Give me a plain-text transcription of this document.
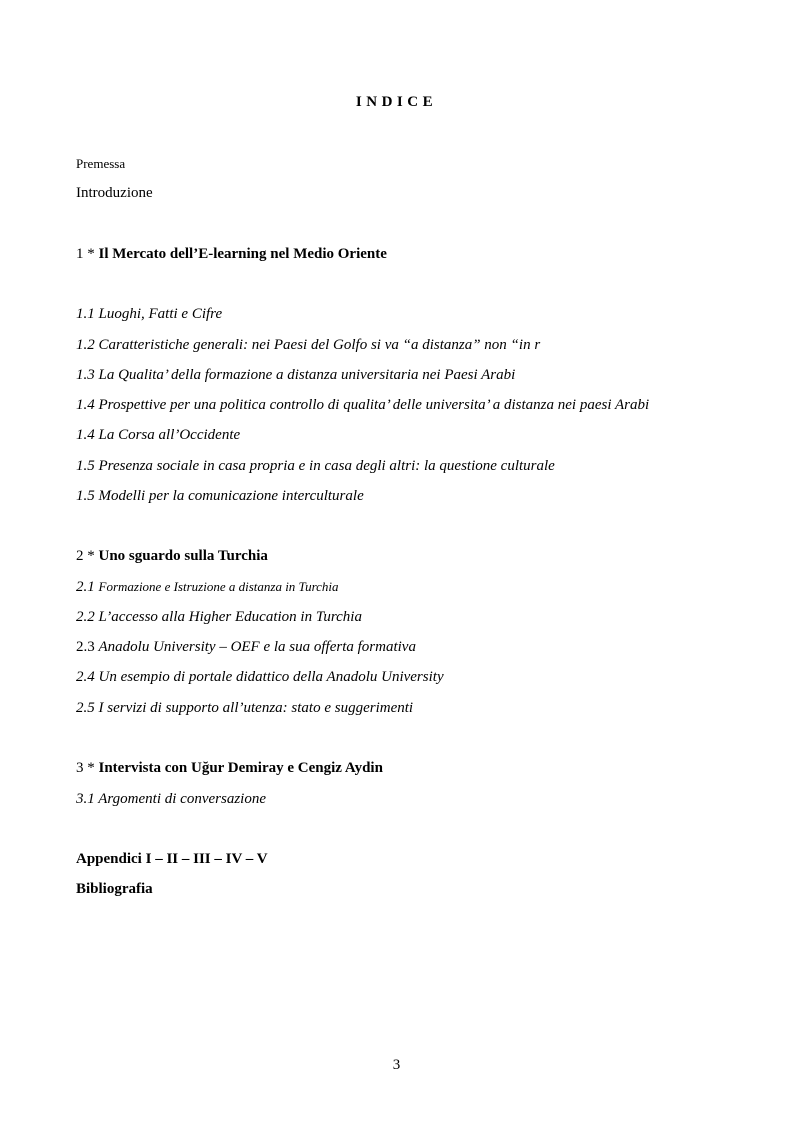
INDICE
Premessa
Introduzione
1 * Il Mercato dell’E-learning nel Medio Oriente
1.1 Luoghi, Fatti e Cifre
1.2 Caratteristiche generali: nei Paesi del Golfo si va “a distanza” non “in r
1.3 La Qualita’ della formazione a distanza universitaria nei Paesi Arabi
1.4 Prospettive per una politica controllo di qualita’ delle universita’ a distanza nei paesi Arabi
1.4 La Corsa all’Occidente
1.5 Presenza sociale in casa propria e in casa degli altri: la questione culturale
1.5 Modelli per la comunicazione interculturale
2 * Uno sguardo sulla Turchia
2.1 Formazione e Istruzione a distanza in Turchia
2.2 L’accesso alla Higher Education in Turchia
2.3 Anadolu University – OEF e la sua offerta formativa
2.4 Un esempio di portale didattico della Anadolu University
2.5 I servizi di supporto all’utenza: stato e suggerimenti
3 * Intervista con Uğur Demiray e Cengiz Aydin
3.1 Argomenti di conversazione
Appendici I – II – III – IV – V
Bibliografia
3
